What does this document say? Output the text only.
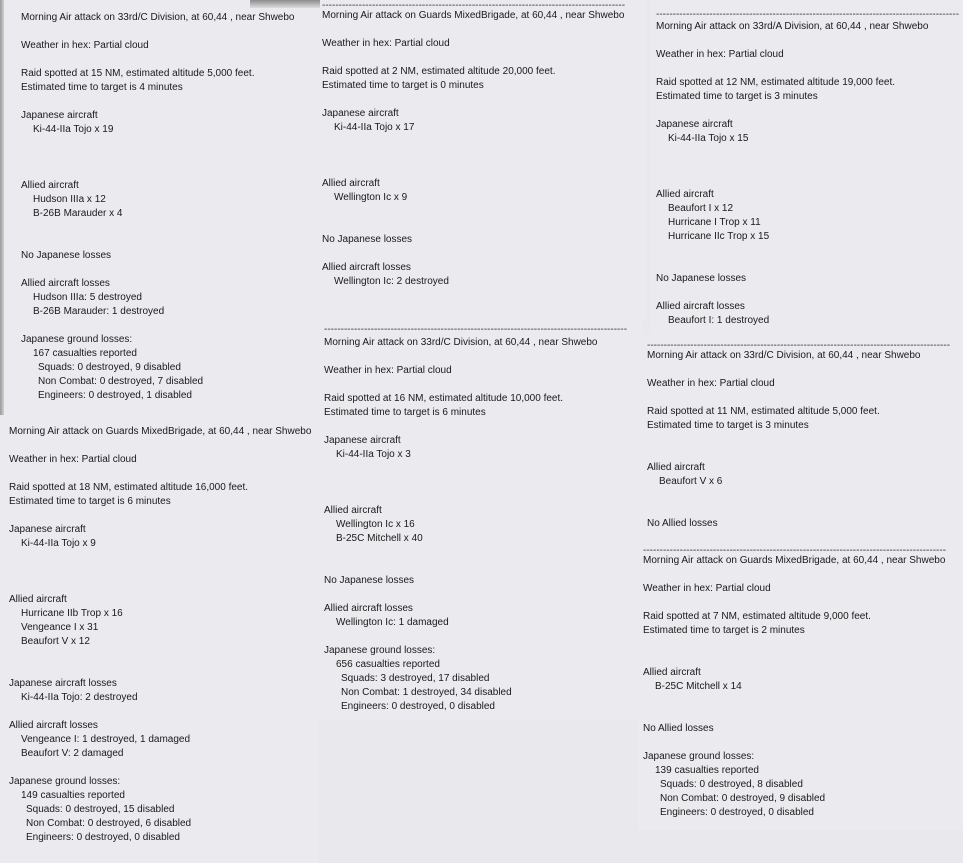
Morning Air attack on 33rd/C Division, at 60,44 , near Shwebo
Weather in hex: Partial cloud
Raid spotted at 15 NM, estimated altitude 5,000 feet.
Estimated time to target is 4 minutes
Japanese aircraft
Ki-44-IIa Tojo x 19
Allied aircraft
Hudson IIIa x 12
B-26B Marauder x 4
No Japanese losses
Allied aircraft losses
Hudson IIIa: 5 destroyed
B-26B Marauder: 1 destroyed
Japanese ground losses:
167 casualties reported
Squads: 0 destroyed, 9 disabled
Non Combat: 0 destroyed, 7 disabled
Engineers: 0 destroyed, 1 disabled
-------------------------------------------------------------------------------------------
Morning Air attack on Guards MixedBrigade, at 60,44 , near Shwebo
Weather in hex: Partial cloud
Raid spotted at 2 NM, estimated altitude 20,000 feet.
Estimated time to target is 0 minutes
Japanese aircraft
Ki-44-IIa Tojo x 17
Allied aircraft
Wellington Ic x 9
No Japanese losses
Allied aircraft losses
Wellington Ic: 2 destroyed
-------------------------------------------------------------------------------------------
Morning Air attack on 33rd/A Division, at 60,44 , near Shwebo
Weather in hex: Partial cloud
Raid spotted at 12 NM, estimated altitude 19,000 feet.
Estimated time to target is 3 minutes
Japanese aircraft
Ki-44-IIa Tojo x 15
Allied aircraft
Beaufort I x 12
Hurricane I Trop x 11
Hurricane IIc Trop x 15
No Japanese losses
Allied aircraft losses
Beaufort I: 1 destroyed
Morning Air attack on Guards MixedBrigade, at 60,44 , near Shwebo
Weather in hex: Partial cloud
Raid spotted at 18 NM, estimated altitude 16,000 feet.
Estimated time to target is 6 minutes
Japanese aircraft
Ki-44-IIa Tojo x 9
Allied aircraft
Hurricane IIb Trop x 16
Vengeance I x 31
Beaufort V x 12
Japanese aircraft losses
Ki-44-IIa Tojo: 2 destroyed
Allied aircraft losses
Vengeance I: 1 destroyed, 1 damaged
Beaufort V: 2 damaged
Japanese ground losses:
149 casualties reported
Squads: 0 destroyed, 15 disabled
Non Combat: 0 destroyed, 6 disabled
Engineers: 0 destroyed, 0 disabled
-------------------------------------------------------------------------------------------
Morning Air attack on 33rd/C Division, at 60,44 , near Shwebo
Weather in hex: Partial cloud
Raid spotted at 16 NM, estimated altitude 10,000 feet.
Estimated time to target is 6 minutes
Japanese aircraft
Ki-44-IIa Tojo x 3
Allied aircraft
Wellington Ic x 16
B-25C Mitchell x 40
No Japanese losses
Allied aircraft losses
Wellington Ic: 1 damaged
Japanese ground losses:
656 casualties reported
Squads: 3 destroyed, 17 disabled
Non Combat: 1 destroyed, 34 disabled
Engineers: 0 destroyed, 0 disabled
-------------------------------------------------------------------------------------------
Morning Air attack on 33rd/C Division, at 60,44 , near Shwebo
Weather in hex: Partial cloud
Raid spotted at 11 NM, estimated altitude 5,000 feet.
Estimated time to target is 3 minutes
Allied aircraft
Beaufort V x 6
No Allied losses
-------------------------------------------------------------------------------------------
Morning Air attack on Guards MixedBrigade, at 60,44 , near Shwebo
Weather in hex: Partial cloud
Raid spotted at 7 NM, estimated altitude 9,000 feet.
Estimated time to target is 2 minutes
Allied aircraft
B-25C Mitchell x 14
No Allied losses
Japanese ground losses:
139 casualties reported
Squads: 0 destroyed, 8 disabled
Non Combat: 0 destroyed, 9 disabled
Engineers: 0 destroyed, 0 disabled
